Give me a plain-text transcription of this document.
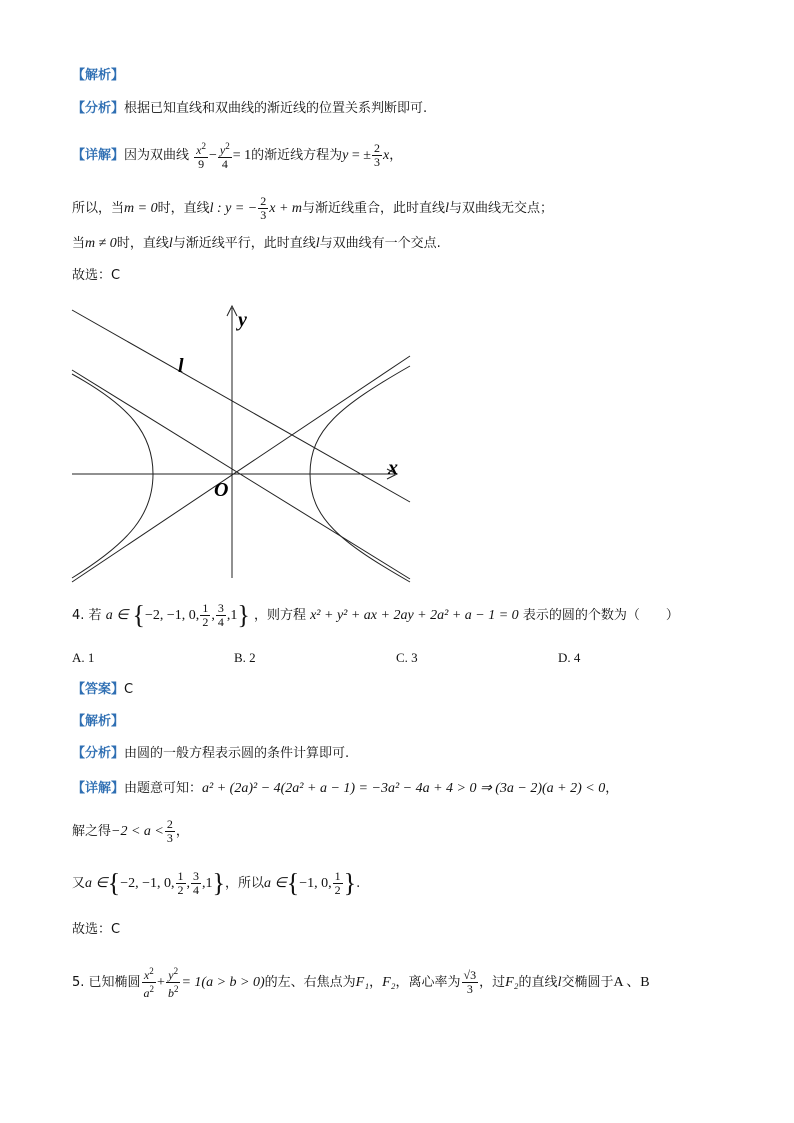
【解析】
【分析】根据已知直线和双曲线的渐近线的位置关系判断即可.
【详解】因为双曲线 $\frac{x^2}{9} - \frac{y^2}{4} = 1$的渐近线方程为y = ± $\frac{2}{3}$ x，
所以，当m = 0时，直线l : y = − $\frac{2}{3}$ x + m与渐近线重合，此时直线l与双曲线无交点；
当m ≠ 0时，直线l与渐近线平行，此时直线l与双曲线有一个交点.
故选：C
y
x
l
O
4. 若 a ∈ {−2, −1, 0, $\frac{1}{2}$ , $\frac{3}{4} ,1$} ，则方程 x² + y² + ax + 2ay + 2a² + a − 1 = 0 表示的圆的个数为（　　）
A. 1	B. 2	C. 3	D. 4
【答案】C
【解析】
【分析】由圆的一般方程表示圆的条件计算即可.
【详解】由题意可知：a² + (2a)² − 4(2a² + a − 1) = −3a² − 4a + 4 > 0 ⇒ (3a − 2)(a + 2) < 0，
解之得$-2 < a < \frac{2}{3}$ ，
又a ∈{−2, −1, 0, $\frac{1}{2}$ , $\frac{3}{4} ,1$}，所以a ∈{−1, 0, $\frac{1}{2}$ }.
故选：C
5. 已知椭圆 $\frac{x^2}{a^2} + \frac{y^2}{b^2} = 1(a > b > 0)$的左、右焦点为F₁，F₂，离心率为 $\frac{√3}{3}$ ，过F₂的直线l交椭圆于A 、B
